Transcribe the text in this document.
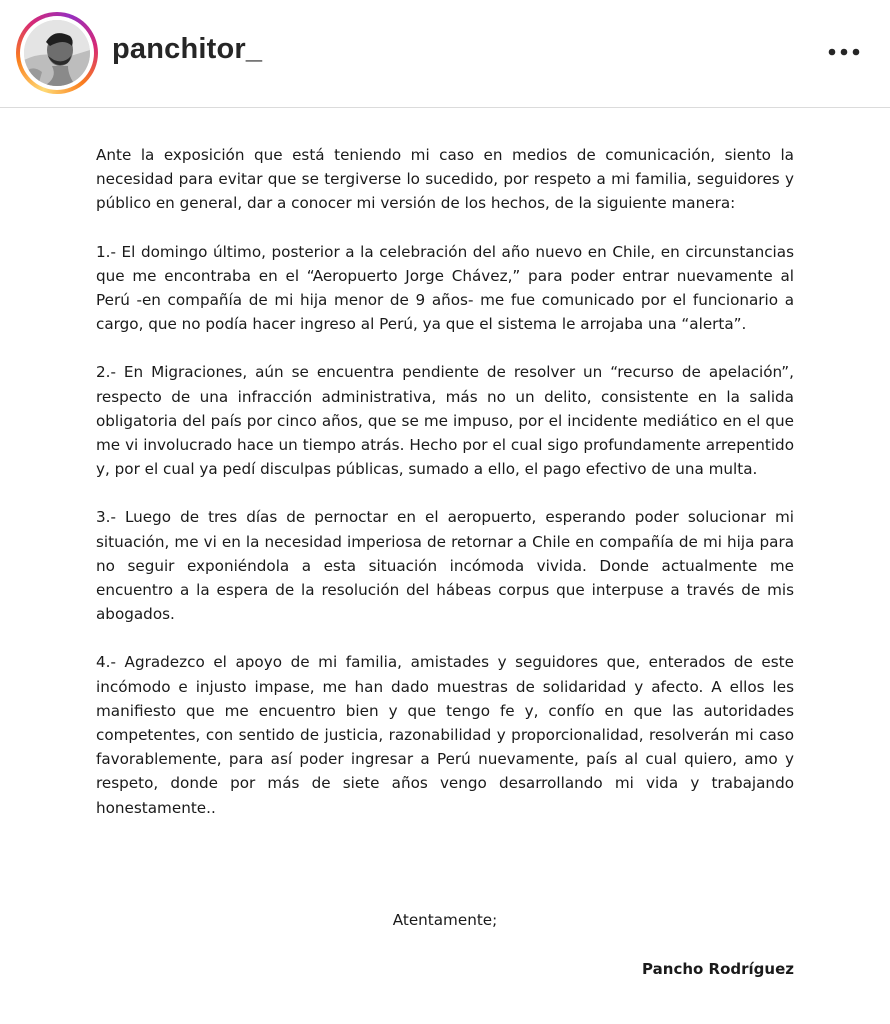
panchitor_

Ante la exposición que está teniendo mi caso en medios de comunicación, siento la necesidad para evitar que se tergiverse lo sucedido, por respeto a mi familia, seguidores y público en general, dar a conocer mi versión de los hechos, de la siguiente manera:

1.- El domingo último, posterior a la celebración del año nuevo en Chile, en circunstancias que me encontraba en el “Aeropuerto Jorge Chávez,” para poder entrar nuevamente al Perú -en compañía de mi hija menor de 9 años- me fue comunicado por el funcionario a cargo, que no podía hacer ingreso al Perú, ya que el sistema le arrojaba una “alerta”.

2.- En Migraciones, aún se encuentra pendiente de resolver un “recurso de apelación”, respecto de una infracción administrativa, más no un delito, consistente en la salida obligatoria del país por cinco años, que se me impuso, por el incidente mediático en el que me vi involucrado hace un tiempo atrás. Hecho por el cual sigo profundamente arrepentido y, por el cual ya pedí disculpas públicas, sumado a ello, el pago efectivo de una multa.

3.- Luego de tres días de pernoctar en el aeropuerto, esperando poder solucionar mi situación, me vi en la necesidad imperiosa de retornar a Chile en compañía de mi hija para no seguir exponiéndola a esta situación incómoda vivida. Donde actualmente me encuentro a la espera de la resolución del hábeas corpus que interpuse a través de mis abogados.

4.- Agradezco el apoyo de mi familia, amistades y seguidores que, enterados de este incómodo e injusto impase, me han dado muestras de solidaridad y afecto. A ellos les manifiesto que me encuentro bien y que tengo fe y, confío en que las autoridades competentes, con sentido de justicia, razonabilidad y proporcionalidad, resolverán mi caso favorablemente, para así poder ingresar a Perú nuevamente, país al cual quiero, amo y respeto, donde por más de siete años vengo desarrollando mi vida y trabajando honestamente..

Atentamente;
Pancho Rodríguez
